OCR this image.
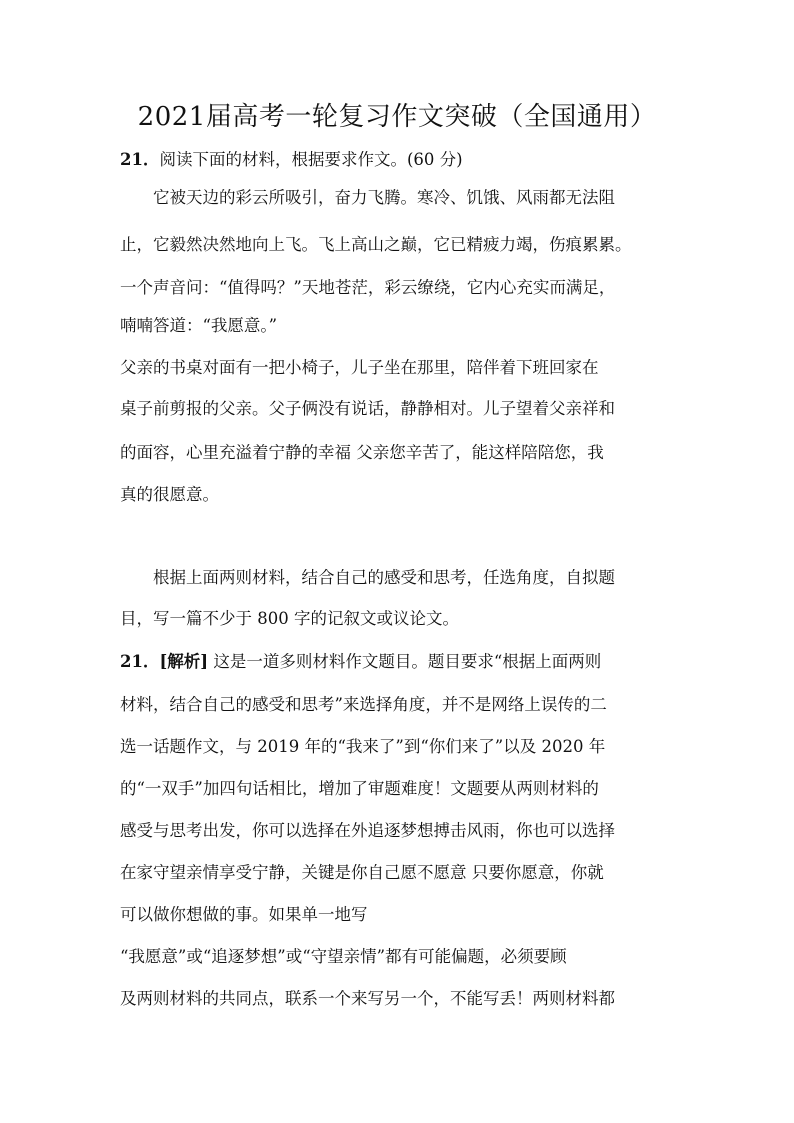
2021届高考一轮复习作文突破（全国通用）
21．阅读下面的材料，根据要求作文。(60 分)
　　它被天边的彩云所吸引，奋力飞腾。寒冷、饥饿、风雨都无法阻
止，它毅然决然地向上飞。飞上高山之巅，它已精疲力竭，伤痕累累。
一个声音问：“值得吗？”天地苍茫，彩云缭绕，它内心充实而满足，
喃喃答道：“我愿意。”
父亲的书桌对面有一把小椅子，儿子坐在那里，陪伴着下班回家在
桌子前剪报的父亲。父子俩没有说话，静静相对。儿子望着父亲祥和
的面容，心里充溢着宁静的幸福 父亲您辛苦了，能这样陪陪您，我
真的很愿意。
　　根据上面两则材料，结合自己的感受和思考，任选角度，自拟题
目，写一篇不少于 800 字的记叙文或议论文。
21．[解析] 这是一道多则材料作文题目。题目要求“根据上面两则
材料，结合自己的感受和思考”来选择角度，并不是网络上误传的二
选一话题作文，与 2019 年的“我来了”到“你们来了”以及 2020 年
的“一双手”加四句话相比，增加了审题难度！文题要从两则材料的
感受与思考出发，你可以选择在外追逐梦想搏击风雨，你也可以选择
在家守望亲情享受宁静，关键是你自己愿不愿意 只要你愿意，你就
可以做你想做的事。如果单一地写
“我愿意”或“追逐梦想”或“守望亲情”都有可能偏题，必须要顾
及两则材料的共同点，联系一个来写另一个，不能写丢！两则材料都
